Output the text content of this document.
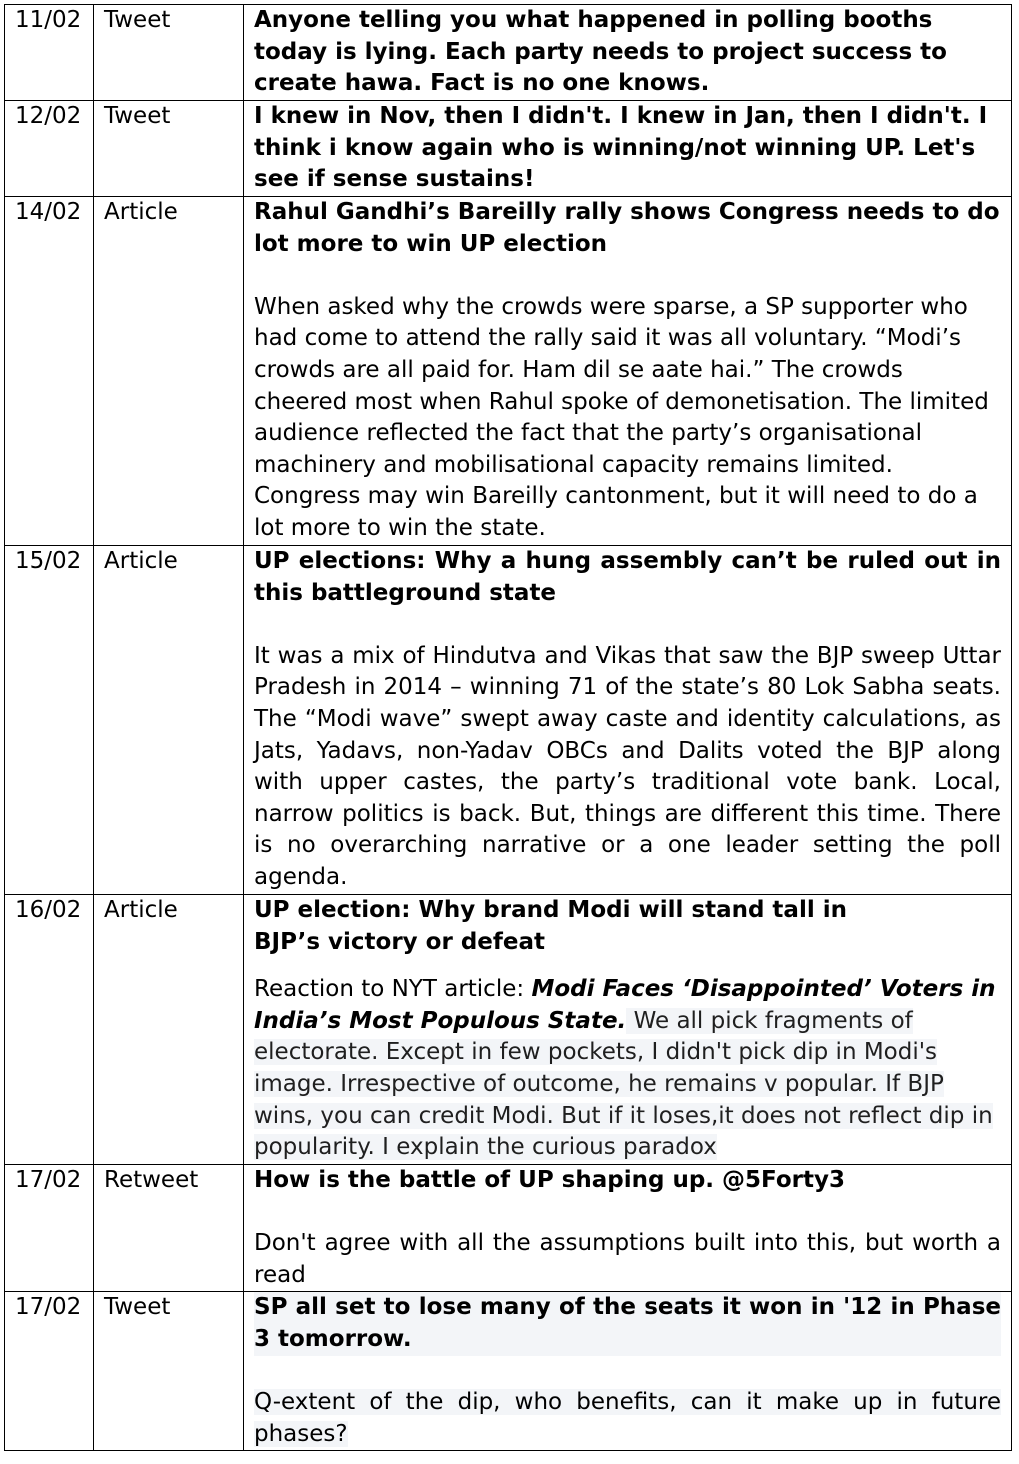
11/02	Tweet	Anyone telling you what happened in polling booths today is lying. Each party needs to project success to create hawa. Fact is no one knows.

12/02	Tweet	I knew in Nov, then I didn't. I knew in Jan, then I didn't. I think i know again who is winning/not winning UP. Let's see if sense sustains!

14/02	Article	Rahul Gandhi’s Bareilly rally shows Congress needs to do lot more to win UP election
When asked why the crowds were sparse, a SP supporter who had come to attend the rally said it was all voluntary. “Modi’s crowds are all paid for. Ham dil se aate hai.” The crowds cheered most when Rahul spoke of demonetisation. The limited audience reflected the fact that the party’s organisational machinery and mobilisational capacity remains limited. Congress may win Bareilly cantonment, but it will need to do a lot more to win the state.

15/02	Article	UP elections: Why a hung assembly can’t be ruled out in this battleground state
It was a mix of Hindutva and Vikas that saw the BJP sweep Uttar Pradesh in 2014 – winning 71 of the state’s 80 Lok Sabha seats. The “Modi wave” swept away caste and identity calculations, as Jats, Yadavs, non-Yadav OBCs and Dalits voted the BJP along with upper castes, the party’s traditional vote bank. Local, narrow politics is back. But, things are different this time. There is no overarching narrative or a one leader setting the poll agenda.

16/02	Article	UP election: Why brand Modi will stand tall in
BJP’s victory or defeat
Reaction to NYT article: Modi Faces ‘Disappointed’ Voters in India’s Most Populous State. We all pick fragments of electorate. Except in few pockets, I didn't pick dip in Modi's image. Irrespective of outcome, he remains v popular. If BJP wins, you can credit Modi. But if it loses,it does not reflect dip in popularity. I explain the curious paradox

17/02	Retweet	How is the battle of UP shaping up. @5Forty3
Don't agree with all the assumptions built into this, but worth a read

17/02	Tweet	SP all set to lose many of the seats it won in '12 in Phase 3 tomorrow.
Q-extent of the dip, who benefits, can it make up in future phases?
